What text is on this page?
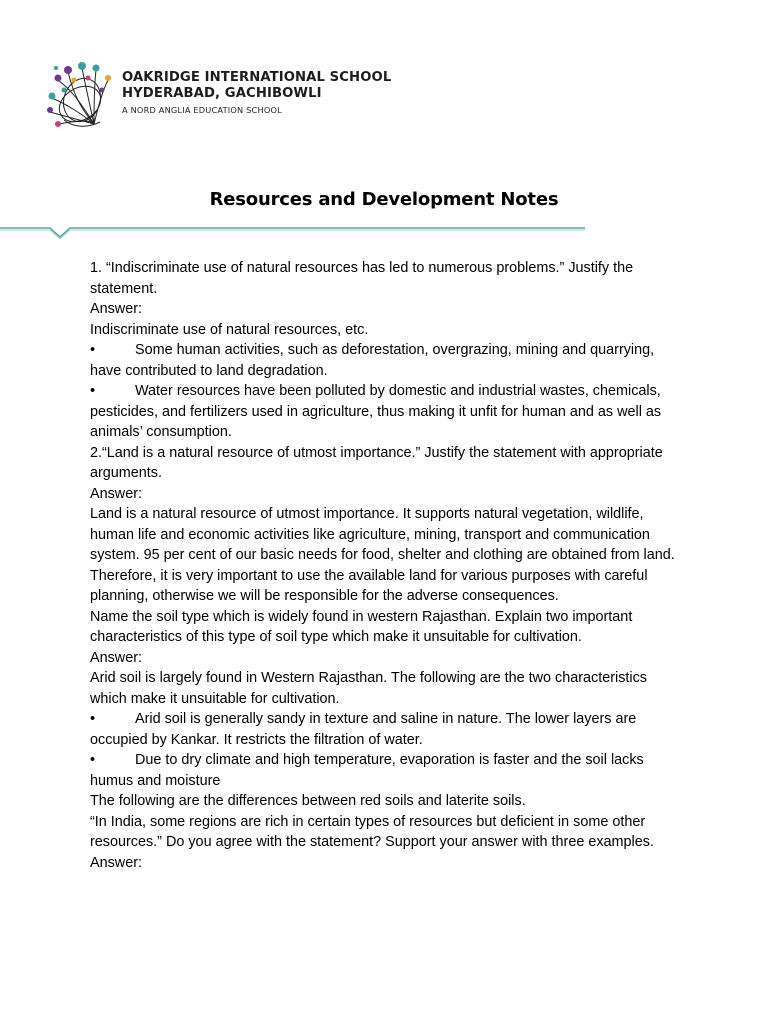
OAKRIDGE INTERNATIONAL SCHOOL
HYDERABAD, GACHIBOWLI
A NORD ANGLIA EDUCATION SCHOOL
Resources and Development Notes

1. “Indiscriminate use of natural resources has led to numerous problems.” Justify the statement.

Answer:

Indiscriminate use of natural resources, etc.

•	Some human activities, such as deforestation, overgrazing, mining and quarrying, have contributed to land degradation.

•	Water resources have been polluted by domestic and industrial wastes, chemicals, pesticides, and fertilizers used in agriculture, thus making it unfit for human and as well as animals’ consumption.

2.“Land is a natural resource of utmost importance.” Justify the statement with appropriate arguments.

Answer:

Land is a natural resource of utmost importance. It supports natural vegetation, wildlife, human life and economic activities like agriculture, mining, transport and communication system. 95 per cent of our basic needs for food, shelter and clothing are obtained from land. Therefore, it is very important to use the available land for various purposes with careful planning, otherwise we will be responsible for the adverse consequences.

Name the soil type which is widely found in western Rajasthan. Explain two important characteristics of this type of soil type which make it unsuitable for cultivation.

Answer:

Arid soil is largely found in Western Rajasthan. The following are the two characteristics which make it unsuitable for cultivation.

•	Arid soil is generally sandy in texture and saline in nature. The lower layers are occupied by Kankar. It restricts the filtration of water.

•	Due to dry climate and high temperature, evaporation is faster and the soil lacks humus and moisture

The following are the differences between red soils and laterite soils.

“In India, some regions are rich in certain types of resources but deficient in some other resources.” Do you agree with the statement? Support your answer with three examples.

Answer:
